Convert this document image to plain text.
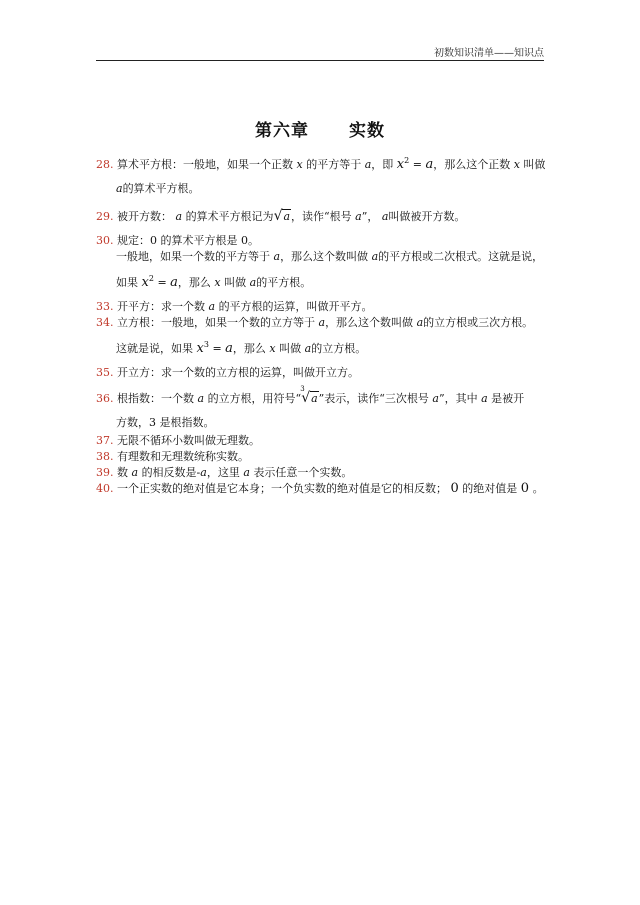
初数知识清单——知识点
第六章 实数
28. 算术平方根：一般地，如果一个正数 x 的平方等于 a，即 $x^2 = a$，那么这个正数 x 叫做
a的算术平方根。
29. 被开方数： a 的算术平方根记为√a，读作“根号 a”， a叫做被开方数。
30. 规定：0 的算术平方根是 0。
一般地，如果一个数的平方等于 a，那么这个数叫做 a的平方根或二次根式。这就是说，
如果 $x^2 = a$，那么 x 叫做 a的平方根。
33. 开平方：求一个数 a 的平方根的运算，叫做开平方。
34. 立方根：一般地，如果一个数的立方等于 a，那么这个数叫做 a的立方根或三次方根。
这就是说，如果 $x^3 = a$，那么 x 叫做 a的立方根。
35. 开立方：求一个数的立方根的运算，叫做开立方。
36. 根指数：一个数 a 的立方根，用符号“
3
√a”表示，读作“三次根号 a”，其中 a 是被开
方数，3 是根指数。
37. 无限不循环小数叫做无理数。
38. 有理数和无理数统称实数。
39. 数 a 的相反数是-a，这里 a 表示任意一个实数。
40. 一个正实数的绝对值是它本身；一个负实数的绝对值是它的相反数； 0 的绝对值是 0 。
